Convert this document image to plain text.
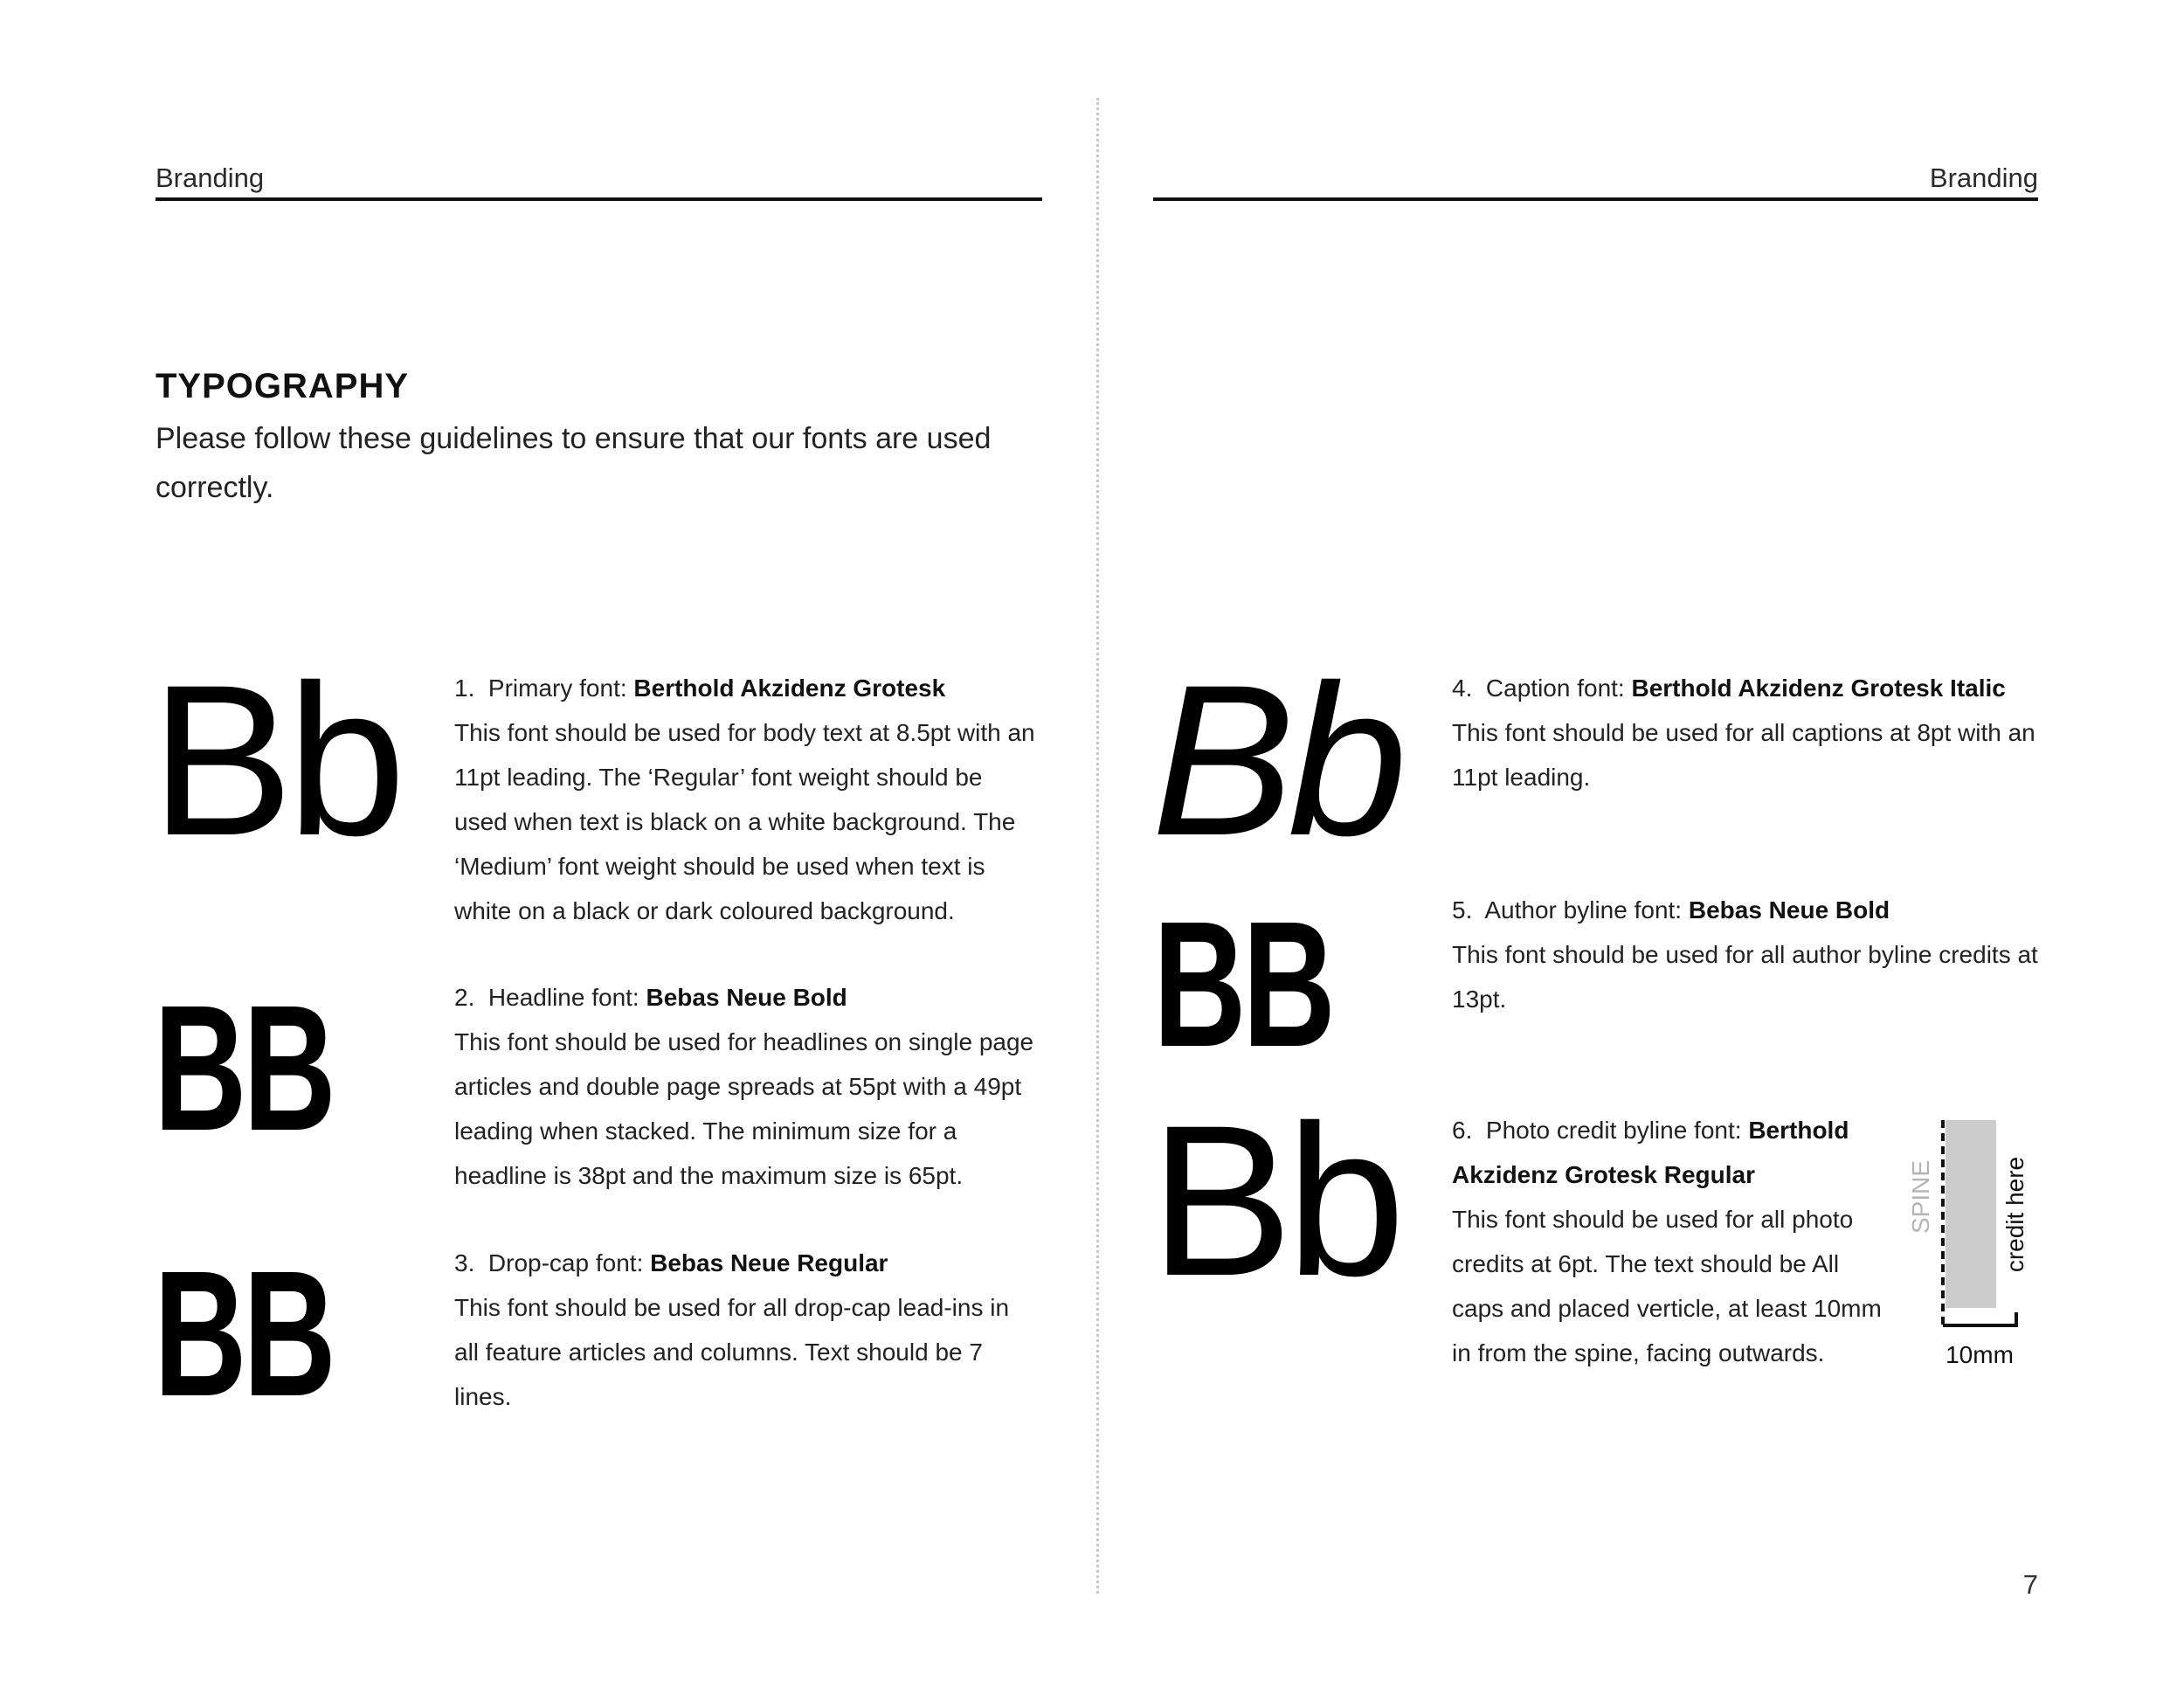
Branding	Branding
TYPOGRAPHY
Please follow these guidelines to ensure that our fonts are used correctly.
Bb
BB
BB
1. Primary font: Berthold Akzidenz Grotesk
This font should be used for body text at 8.5pt with an 11pt leading. The ‘Regular’ font weight should be used when text is black on a white background. The ‘Medium’ font weight should be used when text is white on a black or dark coloured background.
2. Headline font: Bebas Neue Bold
This font should be used for headlines on single page articles and double page spreads at 55pt with a 49pt leading when stacked. The minimum size for a headline is 38pt and the maximum size is 65pt.
3. Drop-cap font: Bebas Neue Regular
This font should be used for all drop-cap lead-ins in all feature articles and columns. Text should be 7 lines.
Bb
BB
Bb
4. Caption font: Berthold Akzidenz Grotesk Italic
This font should be used for all captions at 8pt with an 11pt leading.
5. Author byline font: Bebas Neue Bold
This font should be used for all author byline credits at 13pt.
6. Photo credit byline font: Berthold Akzidenz Grotesk Regular
This font should be used for all photo credits at 6pt. The text should be All caps and placed verticle, at least 10mm in from the spine, facing outwards.
SPINE	credit here
10mm
7
